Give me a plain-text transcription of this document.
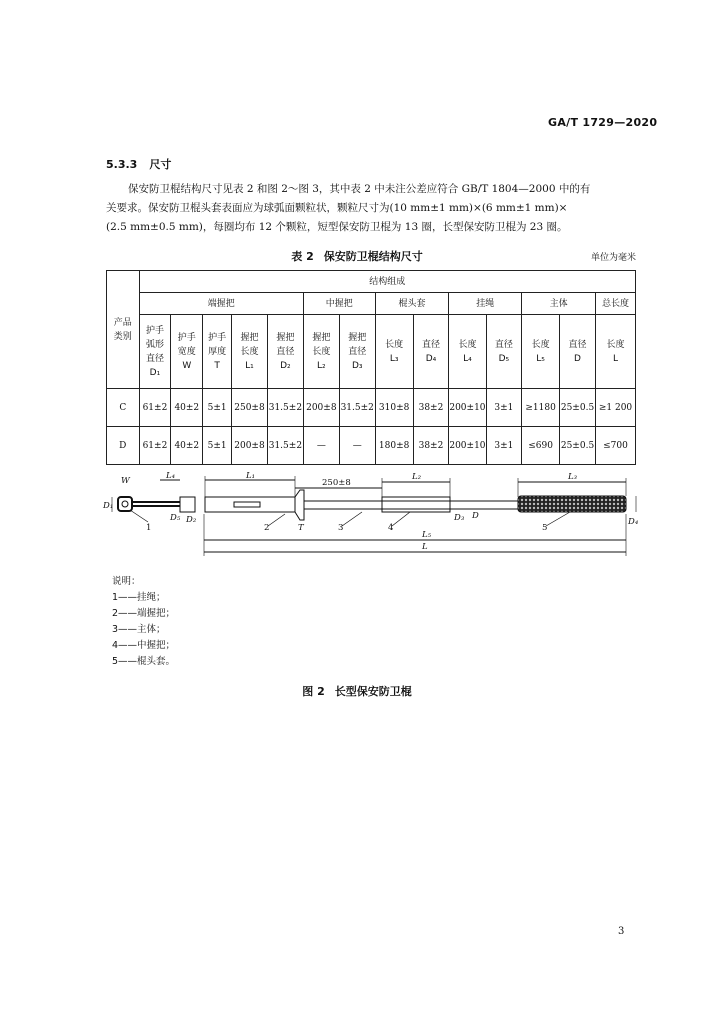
GA/T 1729—2020
5.3.3 尺寸

保安防卫棍结构尺寸见表 2 和图 2～图 3，其中表 2 中未注公差应符合 GB/T 1804—2000 中的有

关要求。保安防卫棍头套表面应为球弧面颗粒状，颗粒尺寸为(10 mm±1 mm)×(6 mm±1 mm)×

(2.5 mm±0.5 mm)，每圈均布 12 个颗粒，短型保安防卫棍为 13 圈，长型保安防卫棍为 23 圈。

表 2 保安防卫棍结构尺寸	单位为毫米
产品
类别	结构组成													
	端握把					中握把		棍头套		挂绳		主体		总长度
	护手
弧形
直径
D₁	护手
宽度
W	护手
厚度
T	握把
长度
L₁	握把
直径
D₂	握把
长度
L₂	握把
直径
D₃	长度
L₃	直径
D₄	长度
L₄	直径
D₅	长度
L₅	直径
D	长度
L
C	61±2	40±2	5±1	250±8	31.5±2	200±8	31.5±2	310±8	38±2	200±10	3±1	≥1180	25±0.5	≥1 200
D	61±2	40±2	5±1	200±8	31.5±2	—	—	180±8	38±2	200±10	3±1	≤690	25±0.5	≤700
W	L₄	L₁
250±8
L₂	L₃
D₁
D₅ D₂
T
D₃ D
D₄
L₅
L
1	2	3	4	5
说明：
1——挂绳；
2——端握把；
3——主体；
4——中握把；
5——棍头套。
图 2 长型保安防卫棍
3
